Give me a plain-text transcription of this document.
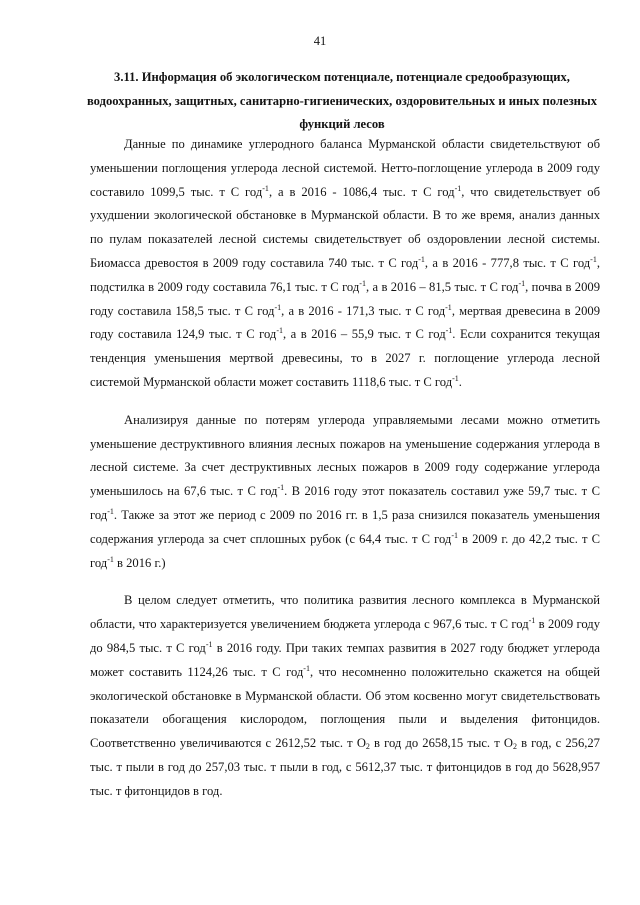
41
3.11. Информация об экологическом потенциале, потенциале средообразующих,
водоохранных, защитных, санитарно-гигиенических, оздоровительных и иных полезных
функций лесов

Данные по динамике углеродного баланса Мурманской области свидетельствуют об уменьшении поглощения углерода лесной системой. Нетто-поглощение углерода в 2009 году составило 1099,5 тыс. т С год$^{-1}$, а в 2016 - 1086,4 тыс. т С год$^{-1}$, что свидетельствует об ухудшении экологической обстановке в Мурманской области. В то же время, анализ данных по пулам показателей лесной системы свидетельствует об оздоровлении лесной системы. Биомасса древостоя в 2009 году составила 740 тыс. т С год$^{-1}$, а в 2016 - 777,8 тыс. т С год$^{-1}$, подстилка в 2009 году составила 76,1 тыс. т С год$^{-1}$, а в 2016 – 81,5 тыс. т С год$^{-1}$, почва в 2009 году составила 158,5 тыс. т С год$^{-1}$, а в 2016 - 171,3 тыс. т С год$^{-1}$, мертвая древесина в 2009 году составила 124,9 тыс. т С год$^{-1}$, а в 2016 – 55,9 тыс. т С год$^{-1}$. Если сохранится текущая тенденция уменьшения мертвой древесины, то в 2027 г. поглощение углерода лесной системой Мурманской области может составить 1118,6 тыс. т С год$^{-1}$.

Анализируя данные по потерям углерода управляемыми лесами можно отметить уменьшение деструктивного влияния лесных пожаров на уменьшение содержания углерода в лесной системе. За счет деструктивных лесных пожаров в 2009 году содержание углерода уменьшилось на 67,6 тыс. т С год$^{-1}$. В 2016 году этот показатель составил уже 59,7 тыс. т С год$^{-1}$. Также за этот же период с 2009 по 2016 гг. в 1,5 раза снизился показатель уменьшения содержания углерода за счет сплошных рубок (с 64,4 тыс. т С год$^{-1}$ в 2009 г. до 42,2 тыс. т С год$^{-1}$ в 2016 г.)

В целом следует отметить, что политика развития лесного комплекса в Мурманской области, что характеризуется увеличением бюджета углерода с 967,6 тыс. т С год$^{-1}$ в 2009 году до 984,5 тыс. т С год$^{-1}$ в 2016 году. При таких темпах развития в 2027 году бюджет углерода может составить 1124,26 тыс. т С год$^{-1}$, что несомненно положительно скажется на общей экологической обстановке в Мурманской области. Об этом косвенно могут свидетельствовать показатели обогащения кислородом, поглощения пыли и выделения фитонцидов. Соответственно увеличиваются с 2612,52 тыс. т $О_2$ в год до 2658,15 тыс. т $О_2$ в год, с 256,27 тыс. т пыли в год до 257,03 тыс. т пыли в год, с 5612,37 тыс. т фитонцидов в год до 5628,957 тыс. т фитонцидов в год.
